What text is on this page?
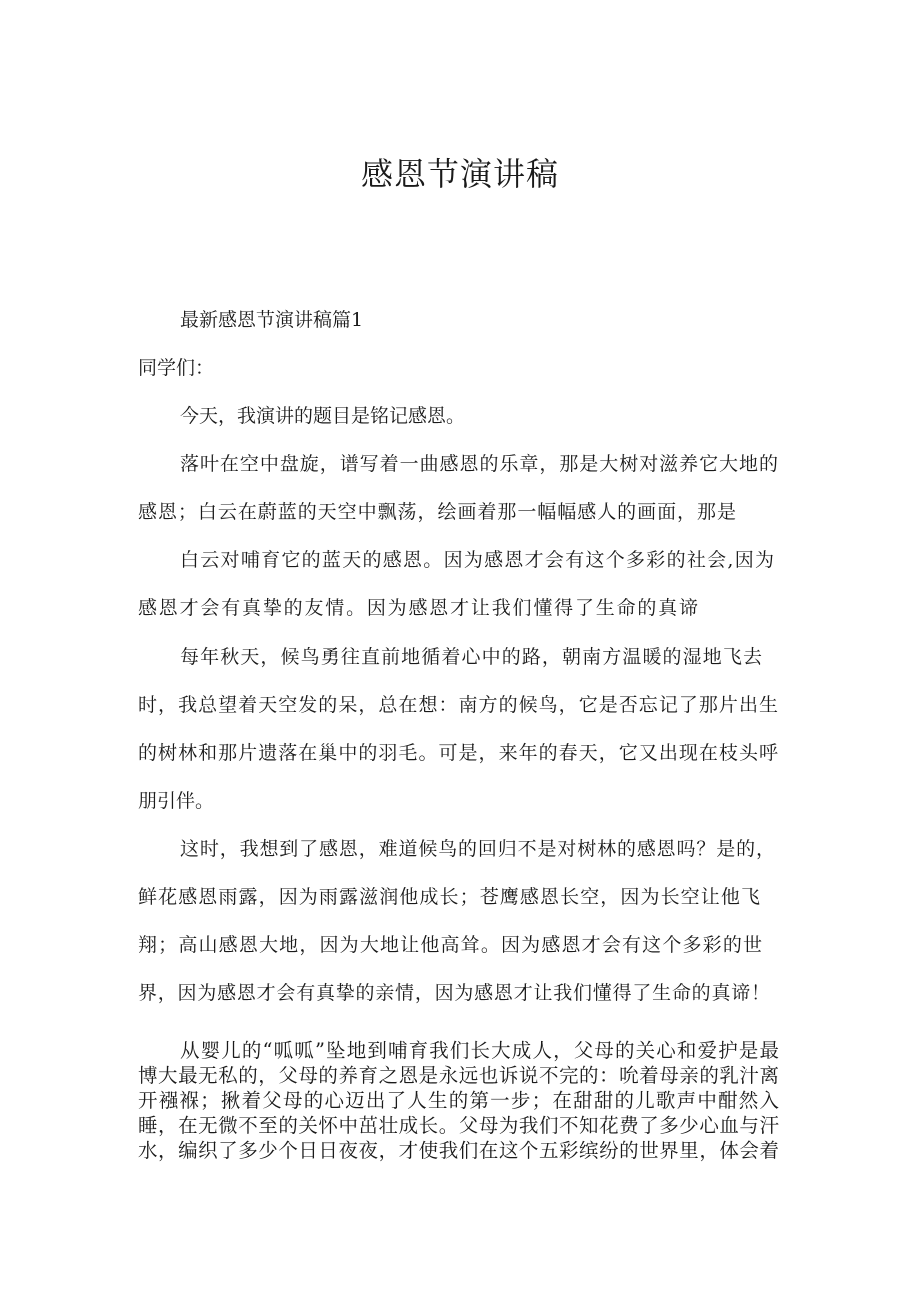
感恩节演讲稿
最新感恩节演讲稿篇1
同学们：
今天，我演讲的题目是铭记感恩。
落叶在空中盘旋，谱写着一曲感恩的乐章，那是大树对滋养它大地的
感恩；白云在蔚蓝的天空中飘荡，绘画着那一幅幅感人的画面，那是
白云对哺育它的蓝天的感恩。因为感恩才会有这个多彩的社会,因为
感恩才会有真挚的友情。因为感恩才让我们懂得了生命的真谛
每年秋天，候鸟勇往直前地循着心中的路，朝南方温暖的湿地飞去
时，我总望着天空发的呆，总在想：南方的候鸟，它是否忘记了那片出生
的树林和那片遗落在巢中的羽毛。可是，来年的春天，它又出现在枝头呼
朋引伴。
这时，我想到了感恩，难道候鸟的回归不是对树林的感恩吗？是的，
鲜花感恩雨露，因为雨露滋润他成长；苍鹰感恩长空，因为长空让他飞
翔；高山感恩大地，因为大地让他高耸。因为感恩才会有这个多彩的世
界，因为感恩才会有真挚的亲情，因为感恩才让我们懂得了生命的真谛！
从婴儿的“呱呱”坠地到哺育我们长大成人，父母的关心和爱护是最
博大最无私的，父母的养育之恩是永远也诉说不完的：吮着母亲的乳汁离
开襁褓；揪着父母的心迈出了人生的第一步；在甜甜的儿歌声中酣然入
睡，在无微不至的关怀中茁壮成长。父母为我们不知花费了多少心血与汗
水，编织了多少个日日夜夜，才使我们在这个五彩缤纷的世界里，体会着
